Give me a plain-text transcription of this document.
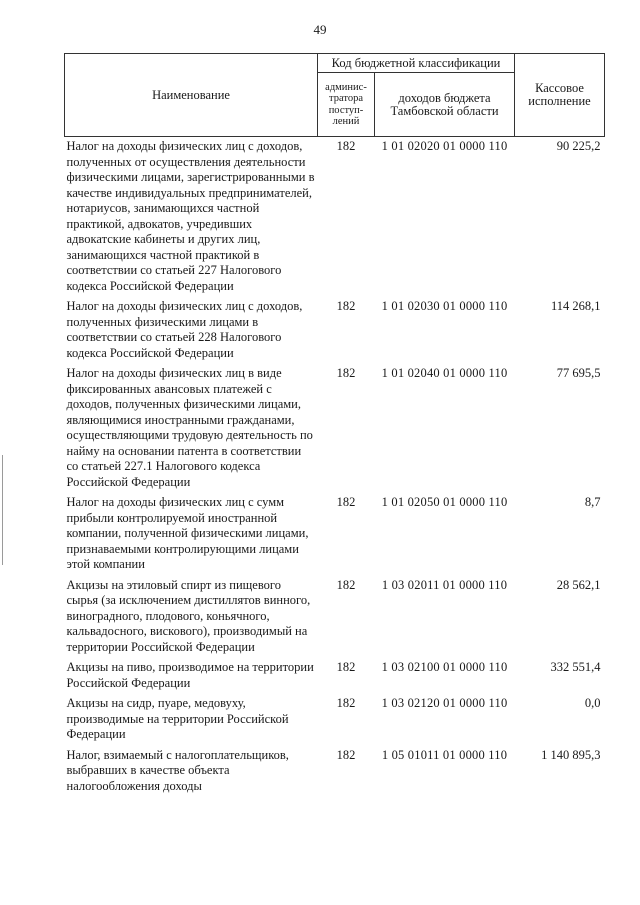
49
Наименование	Код бюджетной классификации		Кассовое исполнение
	админис-тратора поступ-лений	доходов бюджета Тамбовской области	
Налог на доходы физических лиц с доходов, полученных от осуществления деятельности физическими лицами, зарегистрированными в качестве индивидуальных предпринимателей, нотариусов, занимающихся частной практикой, адвокатов, учредивших адвокатские кабинеты и других лиц, занимающихся частной практикой в соответствии со статьей 227 Налогового кодекса Российской Федерации	182	1 01 02020 01 0000 110	90 225,2
Налог на доходы физических лиц с доходов, полученных физическими лицами в соответствии со статьей 228 Налогового кодекса Российской Федерации	182	1 01 02030 01 0000 110	114 268,1
Налог на доходы физических лиц в виде фиксированных авансовых платежей с доходов, полученных физическими лицами, являющимися иностранными гражданами, осуществляющими трудовую деятельность по найму на основании патента в соответствии со статьей 227.1 Налогового кодекса Российской Федерации	182	1 01 02040 01 0000 110	77 695,5
Налог на доходы физических лиц с сумм прибыли контролируемой иностранной компании, полученной физическими лицами, признаваемыми контролирующими лицами этой компании	182	1 01 02050 01 0000 110	8,7
Акцизы на этиловый спирт из пищевого сырья (за исключением дистиллятов винного, виноградного, плодового, коньячного, кальвадосного, вискового), производимый на территории Российской Федерации	182	1 03 02011 01 0000 110	28 562,1
Акцизы на пиво, производимое на территории Российской Федерации	182	1 03 02100 01 0000 110	332 551,4
Акцизы на сидр, пуаре, медовуху, производимые на территории Российской Федерации	182	1 03 02120 01 0000 110	0,0
Налог, взимаемый с налогоплательщиков, выбравших в качестве объекта налогообложения доходы	182	1 05 01011 01 0000 110	1 140 895,3
